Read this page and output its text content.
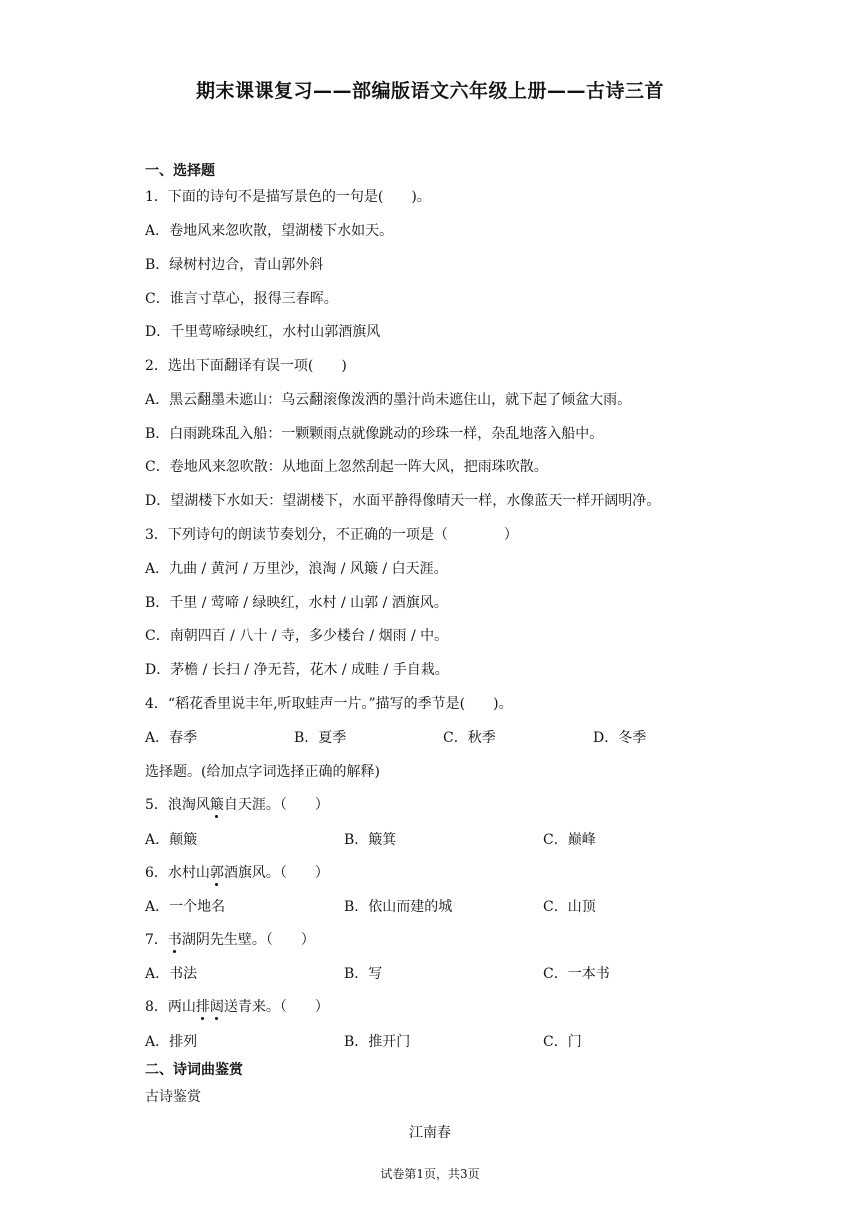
期末课课复习——部编版语文六年级上册——古诗三首
一、选择题
1．下面的诗句不是描写景色的一句是(　　)。
A．卷地风来忽吹散，望湖楼下水如天。
B．绿树村边合，青山郭外斜
C．谁言寸草心，报得三春晖。
D．千里莺啼绿映红，水村山郭酒旗风
2．选出下面翻译有误一项(　　)
A．黑云翻墨未遮山：乌云翻滚像泼洒的墨汁尚未遮住山，就下起了倾盆大雨。
B．白雨跳珠乱入船：一颗颗雨点就像跳动的珍珠一样，杂乱地落入船中。
C．卷地风来忽吹散：从地面上忽然刮起一阵大风，把雨珠吹散。
D．望湖楼下水如天：望湖楼下，水面平静得像晴天一样，水像蓝天一样开阔明净。
3．下列诗句的朗读节奏划分，不正确的一项是（　　　　）
A．九曲 / 黄河 / 万里沙，浪淘 / 风簸 / 白天涯。
B．千里 / 莺啼 / 绿映红，水村 / 山郭 / 酒旗风。
C．南朝四百 / 八十 / 寺，多少楼台 / 烟雨 / 中。
D．茅檐 / 长扫 / 净无苔，花木 / 成畦 / 手自栽。
4．“稻花香里说丰年,听取蛙声一片。”描写的季节是(　　)。
A．春季	B．夏季	C．秋季	D．冬季
选择题。(给加点字词选择正确的解释)
5．浪淘风簸自天涯。（　　）
A．颠簸	B．簸箕	C．巅峰
6．水村山郭酒旗风。（　　）
A．一个地名	B．依山而建的城	C．山顶
7．书湖阴先生壁。（　　）
A．书法	B．写	C．一本书
8．两山排闼送青来。（　　）
A．排列	B．推开门	C．门
二、诗词曲鉴赏
古诗鉴赏
江南春
试卷第1页，共3页
